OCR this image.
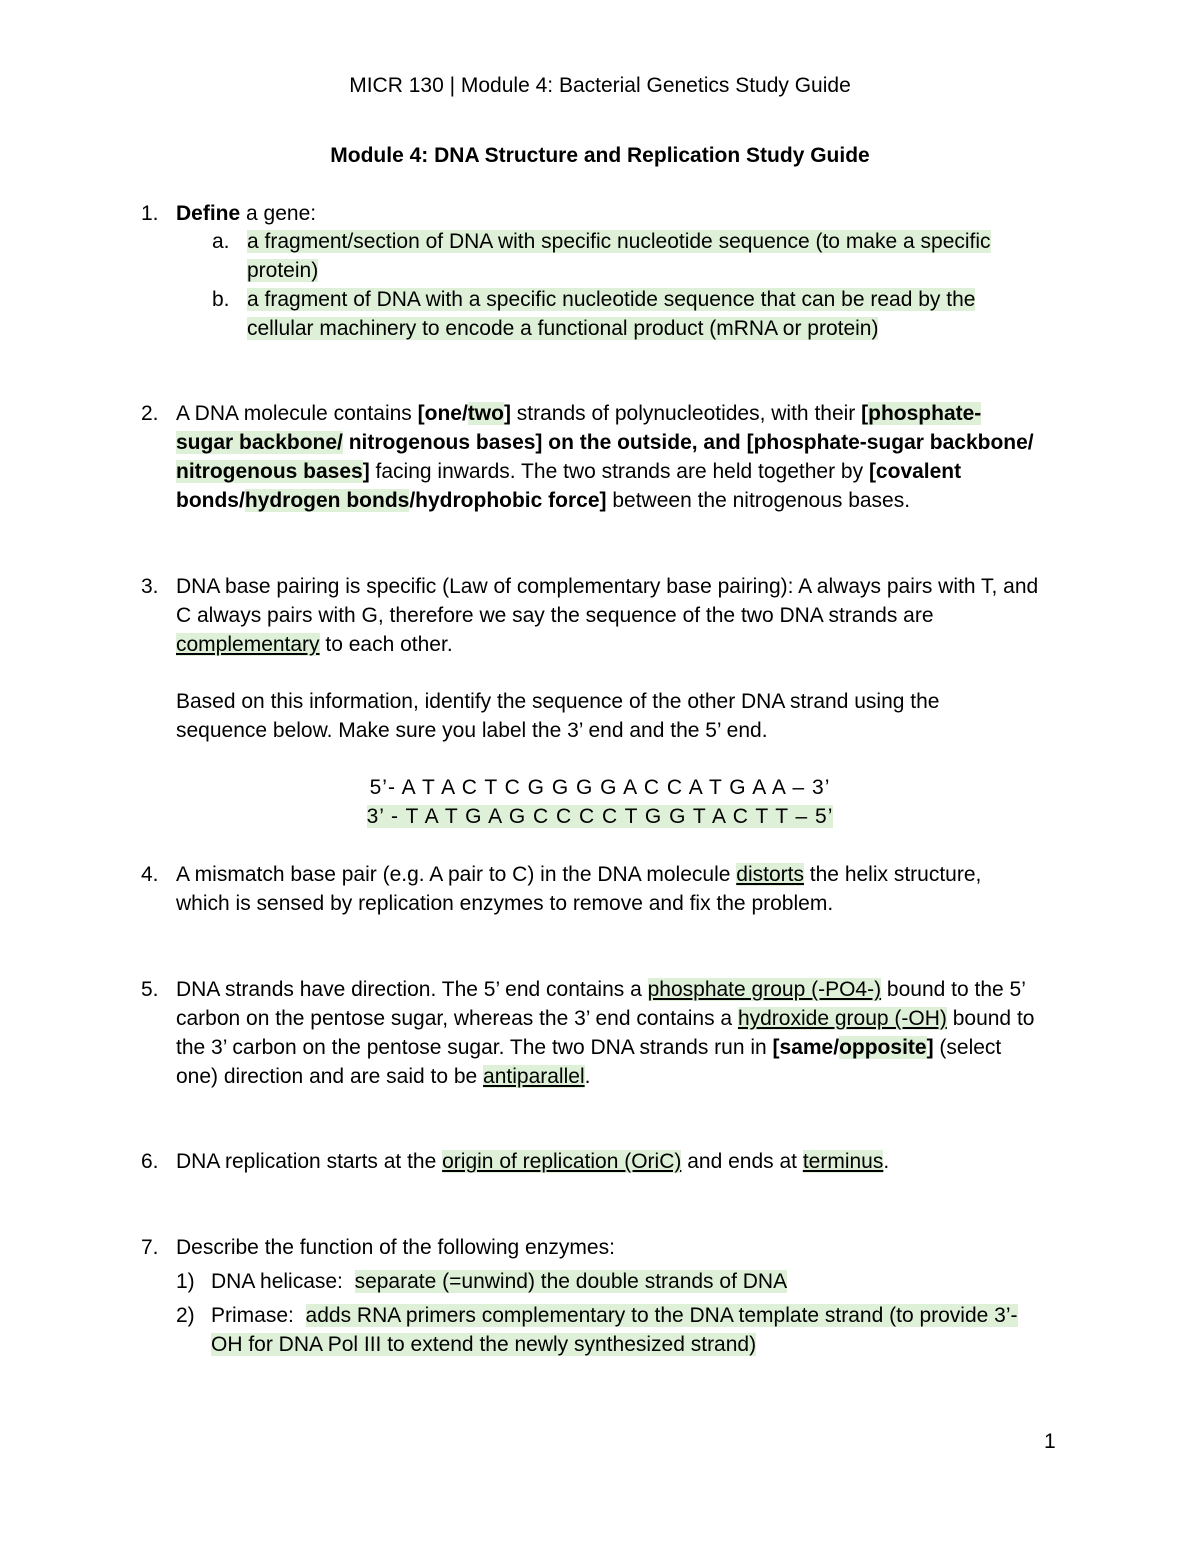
MICR 130 | Module 4: Bacterial Genetics Study Guide
Module 4: DNA Structure and Replication Study Guide
1. Define a gene:
a. a fragment/section of DNA with specific nucleotide sequence (to make a specific
protein)
b. a fragment of DNA with a specific nucleotide sequence that can be read by the
cellular machinery to encode a functional product (mRNA or protein)
2. A DNA molecule contains [one/two] strands of polynucleotides, with their [phosphate-
sugar backbone/ nitrogenous bases] on the outside, and [phosphate-sugar backbone/
nitrogenous bases] facing inwards. The two strands are held together by [covalent
bonds/hydrogen bonds/hydrophobic force] between the nitrogenous bases.
3. DNA base pairing is specific (Law of complementary base pairing): A always pairs with T, and
C always pairs with G, therefore we say the sequence of the two DNA strands are
complementary to each other.
Based on this information, identify the sequence of the other DNA strand using the
sequence below. Make sure you label the 3’ end and the 5’ end.
5’- A T A C T C G G G G A C C A T G A A – 3’
3’ - T A T G A G C C C C T G G T A C T T – 5’
4. A mismatch base pair (e.g. A pair to C) in the DNA molecule distorts the helix structure,
which is sensed by replication enzymes to remove and fix the problem.
5. DNA strands have direction. The 5’ end contains a phosphate group (-PO4-) bound to the 5’
carbon on the pentose sugar, whereas the 3’ end contains a hydroxide group (-OH) bound to
the 3’ carbon on the pentose sugar. The two DNA strands run in [same/opposite] (select
one) direction and are said to be antiparallel.
6. DNA replication starts at the origin of replication (OriC) and ends at terminus.
7. Describe the function of the following enzymes:
1) DNA helicase:  separate (=unwind) the double strands of DNA
2) Primase:  adds RNA primers complementary to the DNA template strand (to provide 3’-
OH for DNA Pol III to extend the newly synthesized strand)
1
